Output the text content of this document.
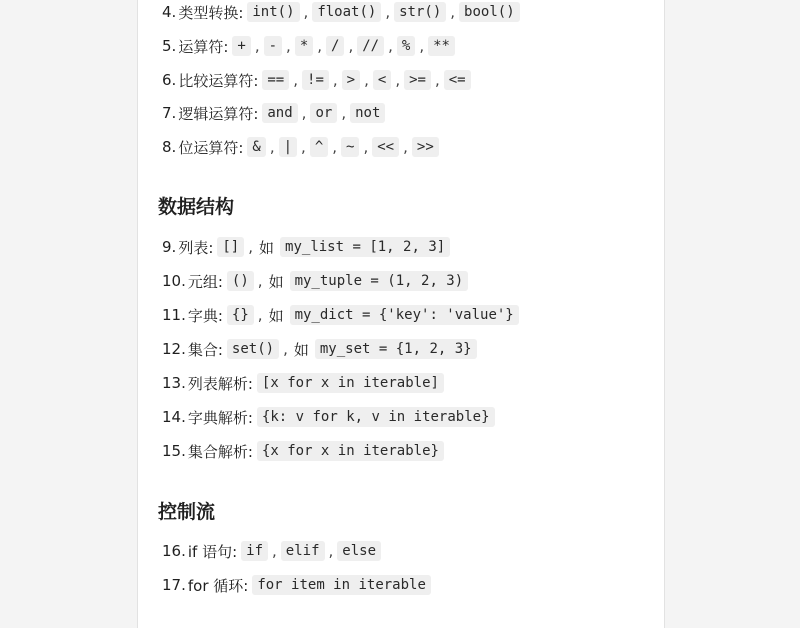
4. 类型转换: int() , float() , str() , bool()
5. 运算符: + , - , * , / , // , % , **
6. 比较运算符: == , != , > , < , >= , <=
7. 逻辑运算符: and , or , not
8. 位运算符: & , | , ^ , ~ , << , >>
数据结构
9. 列表: [] , 如 my_list = [1, 2, 3]
10. 元组: () , 如 my_tuple = (1, 2, 3)
11. 字典: {} , 如 my_dict = {'key': 'value'}
12. 集合: set() , 如 my_set = {1, 2, 3}
13. 列表解析: [x for x in iterable]
14. 字典解析: {k: v for k, v in iterable}
15. 集合解析: {x for x in iterable}
控制流
16. if 语句: if , elif , else
17. for 循环: for item in iterable
